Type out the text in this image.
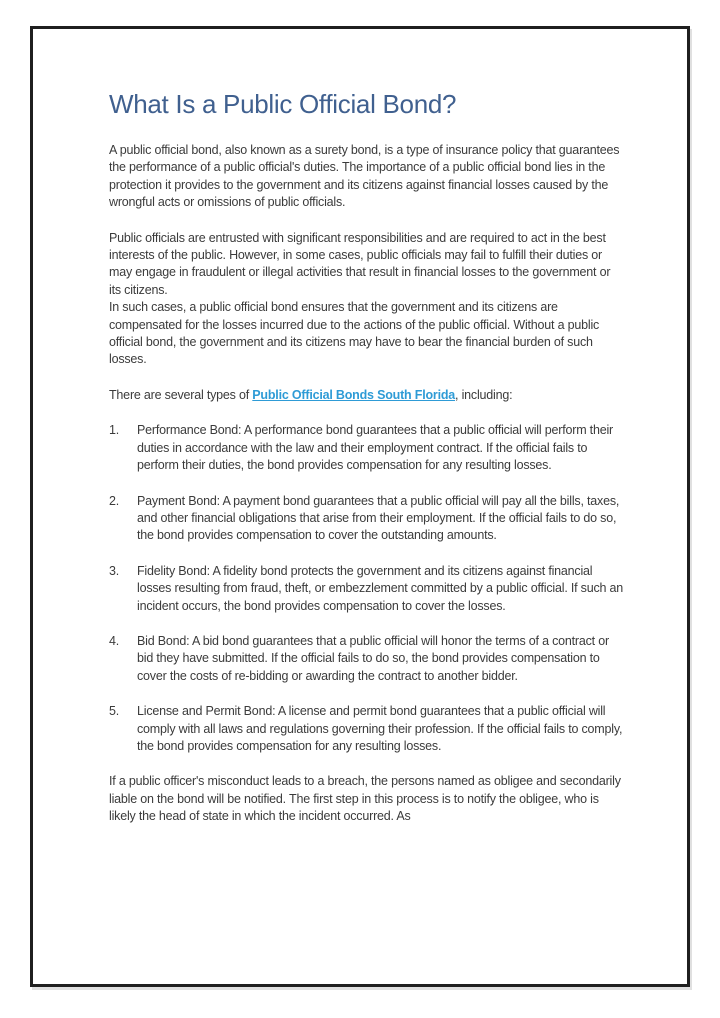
What Is a Public Official Bond?

A public official bond, also known as a surety bond, is a type of insurance policy that guarantees the performance of a public official's duties. The importance of a public official bond lies in the protection it provides to the government and its citizens against financial losses caused by the wrongful acts or omissions of public officials.

Public officials are entrusted with significant responsibilities and are required to act in the best interests of the public. However, in some cases, public officials may fail to fulfill their duties or may engage in fraudulent or illegal activities that result in financial losses to the government or its citizens.

In such cases, a public official bond ensures that the government and its citizens are compensated for the losses incurred due to the actions of the public official. Without a public official bond, the government and its citizens may have to bear the financial burden of such losses.

There are several types of Public Official Bonds South Florida, including:

1.	Performance Bond: A performance bond guarantees that a public official will perform their duties in accordance with the law and their employment contract. If the official fails to perform their duties, the bond provides compensation for any resulting losses.
2.	Payment Bond: A payment bond guarantees that a public official will pay all the bills, taxes, and other financial obligations that arise from their employment. If the official fails to do so, the bond provides compensation to cover the outstanding amounts.
3.	Fidelity Bond: A fidelity bond protects the government and its citizens against financial losses resulting from fraud, theft, or embezzlement committed by a public official. If such an incident occurs, the bond provides compensation to cover the losses.
4.	Bid Bond: A bid bond guarantees that a public official will honor the terms of a contract or bid they have submitted. If the official fails to do so, the bond provides compensation to cover the costs of re-bidding or awarding the contract to another bidder.
5.	License and Permit Bond: A license and permit bond guarantees that a public official will comply with all laws and regulations governing their profession. If the official fails to comply, the bond provides compensation for any resulting losses.

If a public officer's misconduct leads to a breach, the persons named as obligee and secondarily liable on the bond will be notified. The first step in this process is to notify the obligee, who is likely the head of state in which the incident occurred. As
